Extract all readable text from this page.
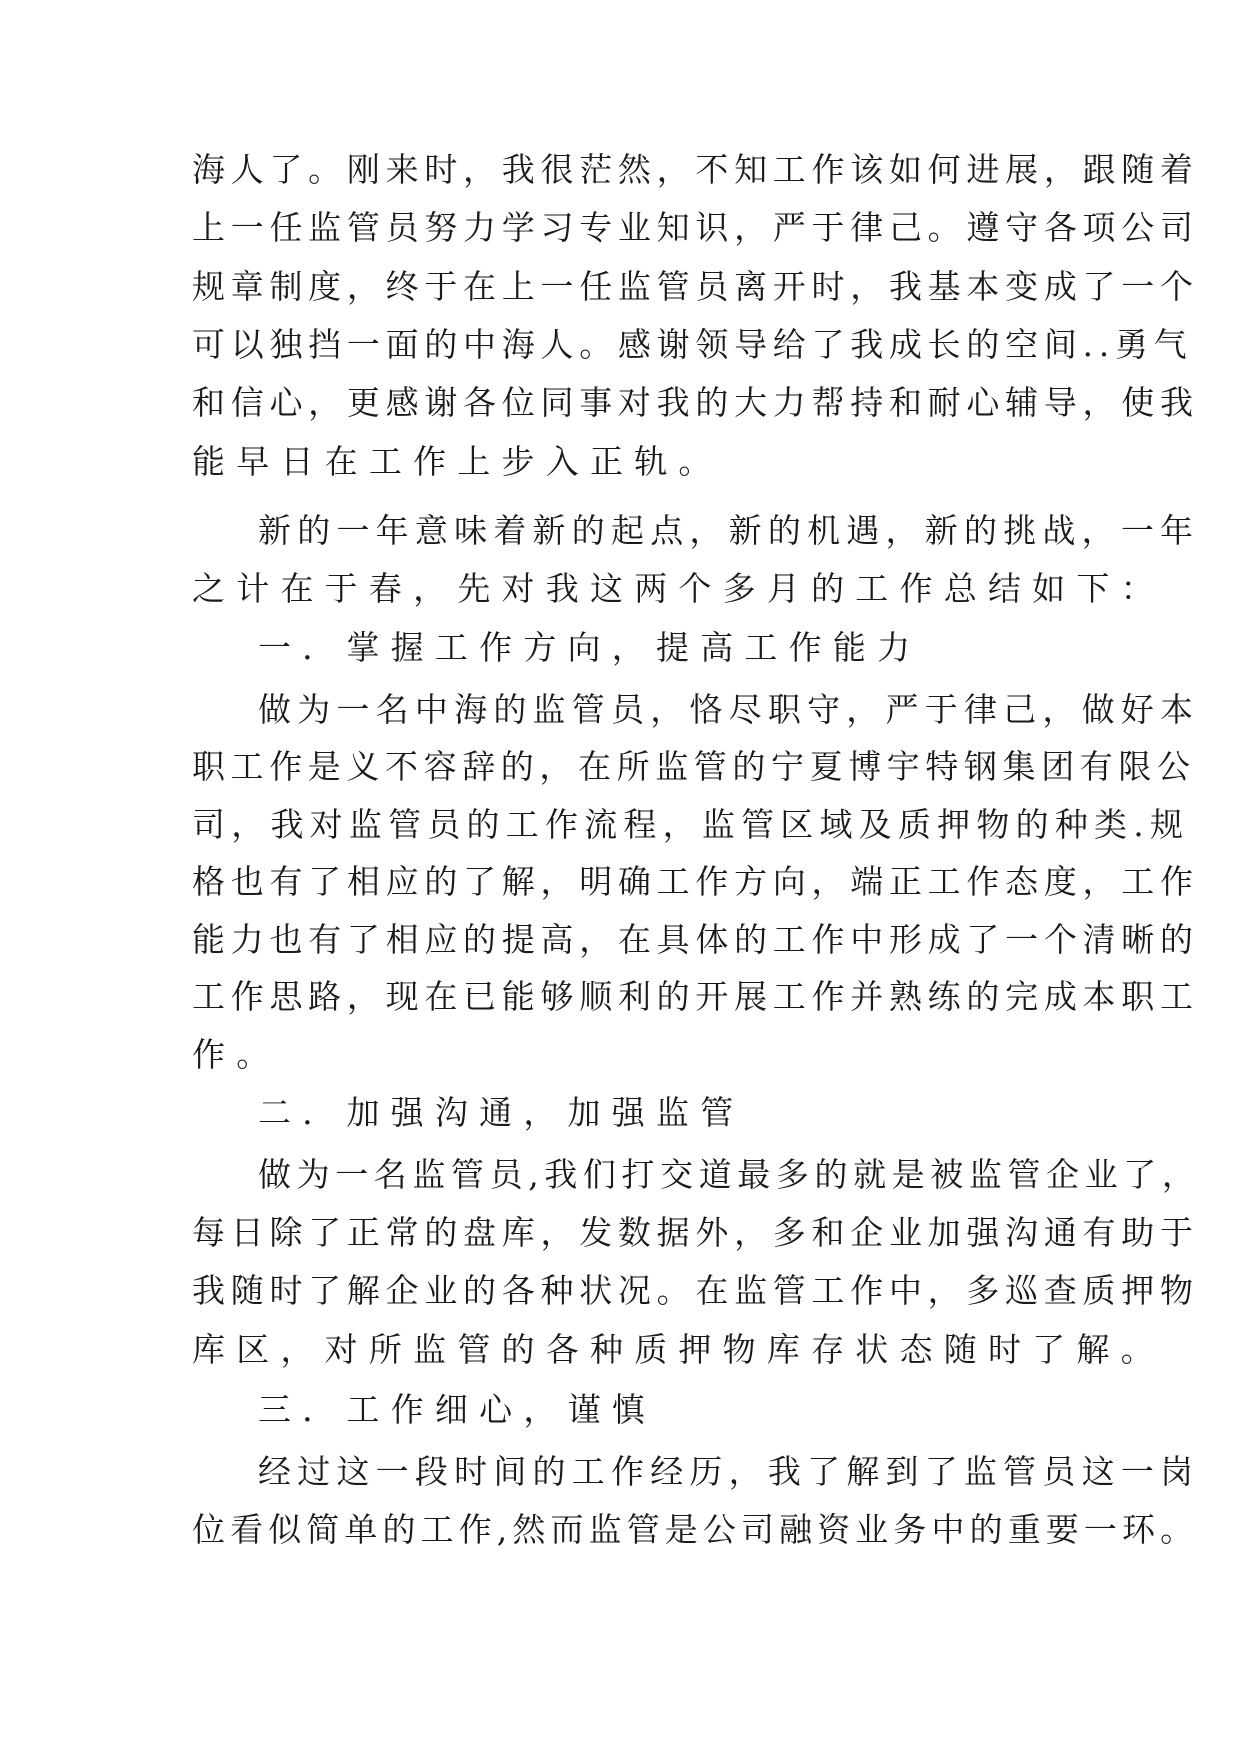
海人了。刚来时，我很茫然，不知工作该如何进展，跟随着
上一任监管员努力学习专业知识，严于律己。遵守各项公司
规章制度，终于在上一任监管员离开时，我基本变成了一个
可以独挡一面的中海人。感谢领导给了我成长的空间..勇气
和信心，更感谢各位同事对我的大力帮持和耐心辅导，使我
能早日在工作上步入正轨。
新的一年意味着新的起点，新的机遇，新的挑战，一年
之计在于春，先对我这两个多月的工作总结如下：
一．掌握工作方向，提高工作能力
做为一名中海的监管员，恪尽职守，严于律己，做好本
职工作是义不容辞的，在所监管的宁夏博宇特钢集团有限公
司，我对监管员的工作流程，监管区域及质押物的种类.规
格也有了相应的了解，明确工作方向，端正工作态度，工作
能力也有了相应的提高，在具体的工作中形成了一个清晰的
工作思路，现在已能够顺利的开展工作并熟练的完成本职工
作。
二．加强沟通，加强监管
做为一名监管员,我们打交道最多的就是被监管企业了，
每日除了正常的盘库，发数据外，多和企业加强沟通有助于
我随时了解企业的各种状况。在监管工作中，多巡查质押物
库区，对所监管的各种质押物库存状态随时了解。
三．工作细心，谨慎
经过这一段时间的工作经历，我了解到了监管员这一岗
位看似简单的工作,然而监管是公司融资业务中的重要一环。
